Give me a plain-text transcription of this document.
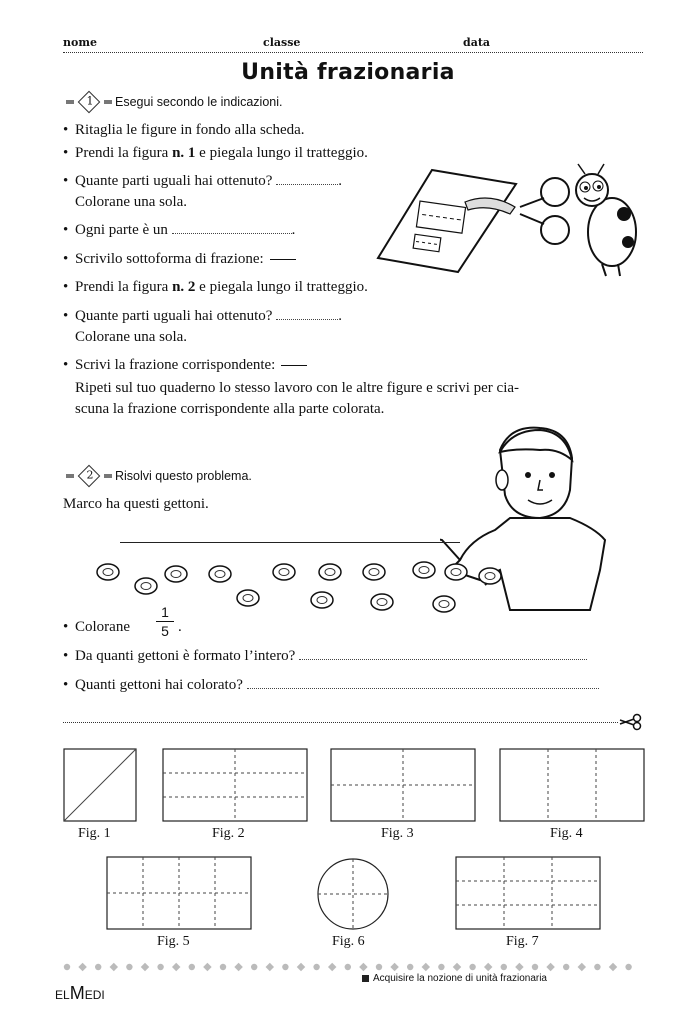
nome	classe	data
Unità frazionaria
1 Esegui secondo le indicazioni.
• Ritaglia le figure in fondo alla scheda.
• Prendi la figura n. 1 e piegala lungo il tratteggio.
• Quante parti uguali hai ottenuto?	.
Colorane una sola.
• Ogni parte è un	.
• Scrivilo sottoforma di frazione:
• Prendi la figura n. 2 e piegala lungo il tratteggio.
• Quante parti uguali hai ottenuto?	.
Colorane una sola.
• Scrivi la frazione corrispondente:
Ripeti sul tuo quaderno lo stesso lavoro con le altre figure e scrivi per cia-
scuna la frazione corrispondente alla parte colorata.
2 Risolvi questo problema.
Marco ha questi gettoni.
• Colorane
1
5 .
• Da quanti gettoni è formato l’intero?
• Quanti gettoni hai colorato?
Fig. 1	Fig. 2	Fig. 3	Fig. 4
Fig. 5	Fig. 6	Fig. 7
ELMEDI
Acquisire la nozione di unità frazionaria
